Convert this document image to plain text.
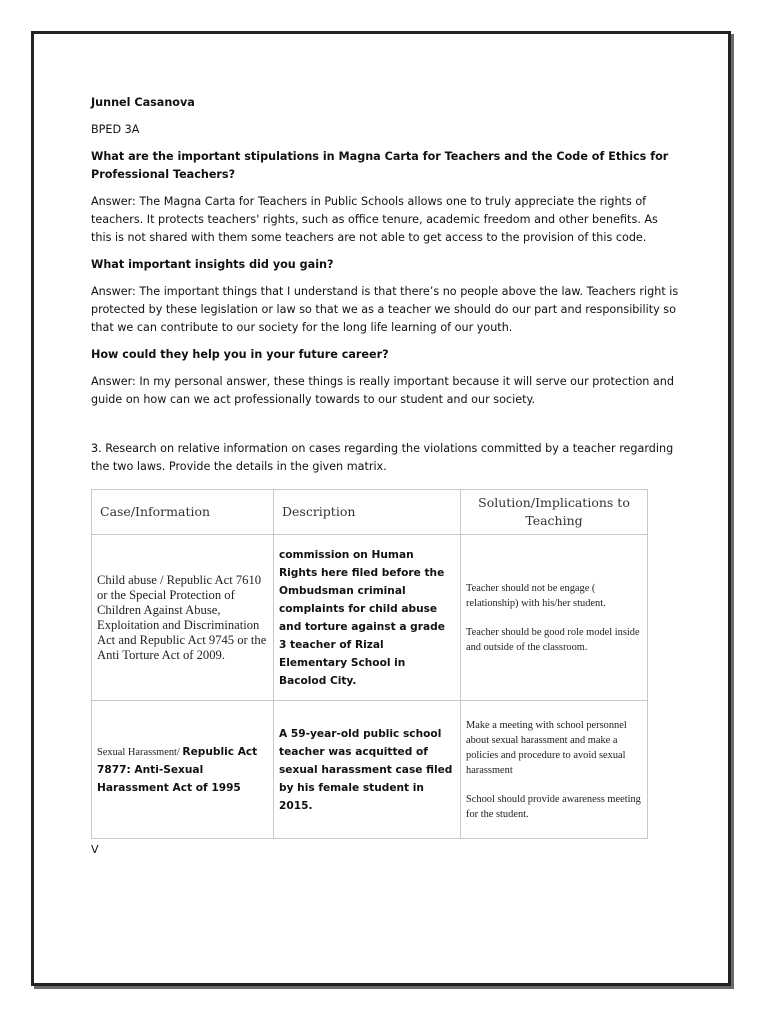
Junnel Casanova
BPED 3A
What are the important stipulations in Magna Carta for Teachers and the Code of Ethics for Professional Teachers?
Answer: The Magna Carta for Teachers in Public Schools allows one to truly appreciate the rights of teachers. It protects teachers' rights, such as office tenure, academic freedom and other benefits. As this is not shared with them some teachers are not able to get access to the provision of this code.
What important insights did you gain?
Answer: The important things that I understand is that there’s no people above the law. Teachers right is protected by these legislation or law so that we as a teacher we should do our part and responsibility so that we can contribute to our society for the long life learning of our youth.
How could they help you in your future career?
Answer: In my personal answer, these things is really important because it will serve our protection and guide on how can we act professionally towards to our student and our society.
3. Research on relative information on cases regarding the violations committed by a teacher regarding the two laws. Provide the details in the given matrix.
Case/Information	Description	Solution/Implications to Teaching
Child abuse / Republic Act 7610 or the Special Protection of Children Against Abuse, Exploitation and Discrimination Act and Republic Act 9745 or the Anti Torture Act of 2009.	commission on Human Rights here filed before the Ombudsman criminal complaints for child abuse and torture against a grade 3 teacher of Rizal Elementary School in Bacolod City.	Teacher should not be engage ( relationship) with his/her student.
Teacher should be good role model inside and outside of the classroom.

Sexual Harassment/ Republic Act 7877: Anti-Sexual Harassment Act of 1995	A 59-year-old public school teacher was acquitted of sexual harassment case filed by his female student in 2015.	Make a meeting with school personnel about sexual harassment and make a policies and procedure to avoid sexual harassment
School should provide awareness meeting for the student.
V
